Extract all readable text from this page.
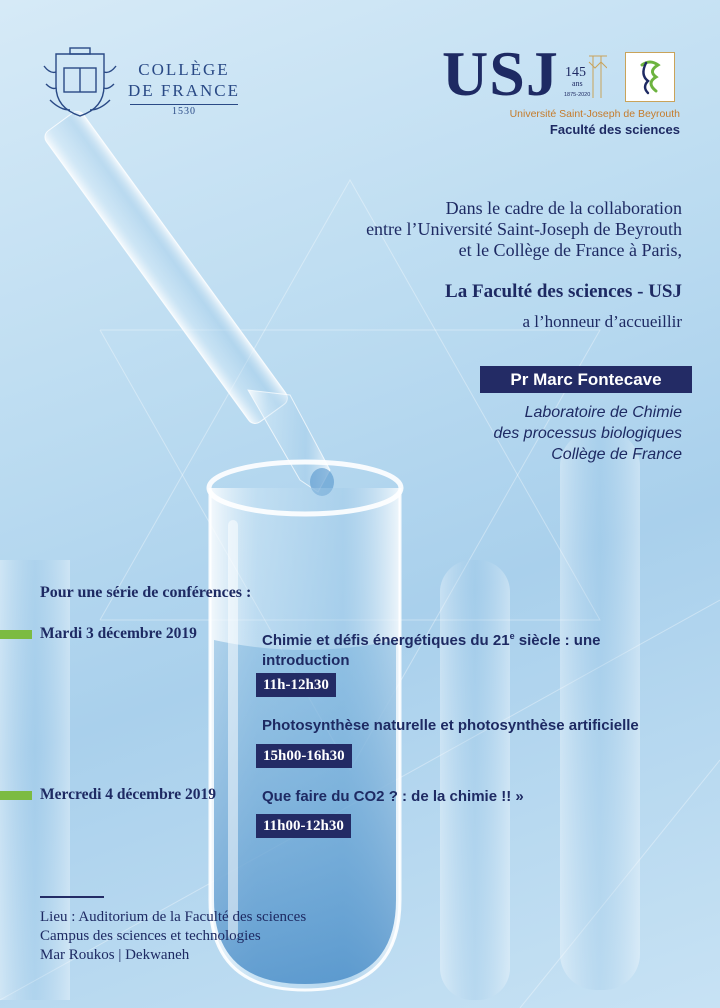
COLLÈGE
DE FRANCE
1530
USJ 145
ans
1875-2020
Université Saint-Joseph de Beyrouth
Faculté des sciences
Dans le cadre de la collaboration
entre l’Université Saint-Joseph de Beyrouth
et le Collège de France à Paris,
La Faculté des sciences - USJ
a l’honneur d’accueillir
Pr Marc Fontecave
Laboratoire de Chimie
des processus biologiques
Collège de France
Pour une série de conférences :
Mardi 3 décembre 2019	Chimie et défis énergétiques du 21e siècle : une
introduction
11h-12h30
Photosynthèse naturelle et photosynthèse artificielle
15h00-16h30
Mercredi 4 décembre 2019	Que faire du CO2 ? : de la chimie !! »
11h00-12h30
Lieu : Auditorium de la Faculté des sciences
Campus des sciences et technologies
Mar Roukos | Dekwaneh
